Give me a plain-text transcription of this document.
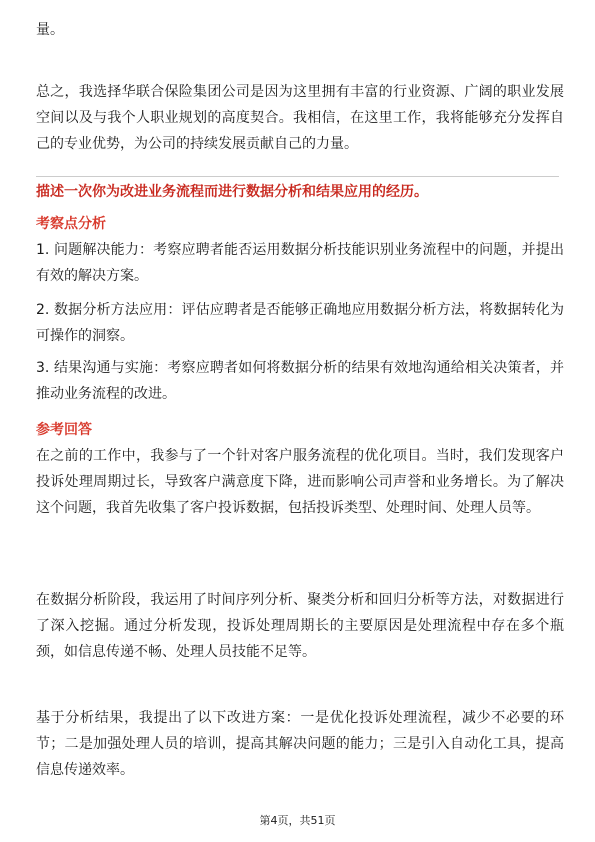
量。

总之，我选择华联合保险集团公司是因为这里拥有丰富的行业资源、广阔的职业发展空间以及与我个人职业规划的高度契合。我相信，在这里工作，我将能够充分发挥自己的专业优势，为公司的持续发展贡献自己的力量。

描述一次你为改进业务流程而进行数据分析和结果应用的经历。

考察点分析

1. 问题解决能力：考察应聘者能否运用数据分析技能识别业务流程中的问题，并提出有效的解决方案。

2. 数据分析方法应用：评估应聘者是否能够正确地应用数据分析方法，将数据转化为可操作的洞察。

3. 结果沟通与实施：考察应聘者如何将数据分析的结果有效地沟通给相关决策者，并推动业务流程的改进。

参考回答

在之前的工作中，我参与了一个针对客户服务流程的优化项目。当时，我们发现客户投诉处理周期过长，导致客户满意度下降，进而影响公司声誉和业务增长。为了解决这个问题，我首先收集了客户投诉数据，包括投诉类型、处理时间、处理人员等。

在数据分析阶段，我运用了时间序列分析、聚类分析和回归分析等方法，对数据进行了深入挖掘。通过分析发现，投诉处理周期长的主要原因是处理流程中存在多个瓶颈，如信息传递不畅、处理人员技能不足等。

基于分析结果，我提出了以下改进方案：一是优化投诉处理流程，减少不必要的环节；二是加强处理人员的培训，提高其解决问题的能力；三是引入自动化工具，提高信息传递效率。

第4页，共51页
